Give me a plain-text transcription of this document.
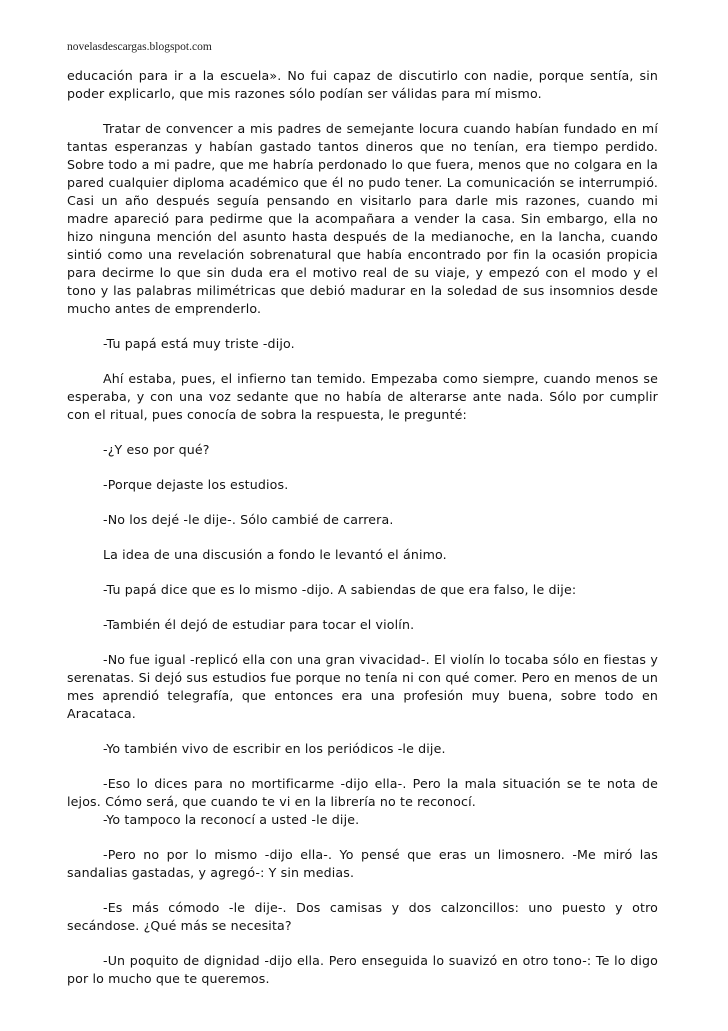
novelasdescargas.blogspot.com

educación para ir a la escuela». No fui capaz de discutirlo con nadie, porque sentía, sin poder explicarlo, que mis razones sólo podían ser válidas para mí mismo.

Tratar de convencer a mis padres de semejante locura cuando habían fundado en mí tantas esperanzas y habían gastado tantos dineros que no tenían, era tiempo perdido. Sobre todo a mi padre, que me habría perdonado lo que fuera, menos que no colgara en la pared cualquier diploma académico que él no pudo tener. La comunicación se interrumpió. Casi un año después seguía pensando en visitarlo para darle mis razones, cuando mi madre apareció para pedirme que la acompañara a vender la casa. Sin embargo, ella no hizo ninguna mención del asunto hasta después de la medianoche, en la lancha, cuando sintió como una revelación sobrenatural que había encontrado por fin la ocasión propicia para decirme lo que sin duda era el motivo real de su viaje, y empezó con el modo y el tono y las palabras milimétricas que debió madurar en la soledad de sus insomnios desde mucho antes de emprenderlo.

-Tu papá está muy triste -dijo.

Ahí estaba, pues, el infierno tan temido. Empezaba como siempre, cuando menos se esperaba, y con una voz sedante que no había de alterarse ante nada. Sólo por cumplir con el ritual, pues conocía de sobra la respuesta, le pregunté:

-¿Y eso por qué?

-Porque dejaste los estudios.

-No los dejé -le dije-. Sólo cambié de carrera.

La idea de una discusión a fondo le levantó el ánimo.

-Tu papá dice que es lo mismo -dijo. A sabiendas de que era falso, le dije:

-También él dejó de estudiar para tocar el violín.

-No fue igual -replicó ella con una gran vivacidad-. El violín lo tocaba sólo en fiestas y serenatas. Si dejó sus estudios fue porque no tenía ni con qué comer. Pero en menos de un mes aprendió telegrafía, que entonces era una profesión muy buena, sobre todo en Aracataca.

-Yo también vivo de escribir en los periódicos -le dije.

-Eso lo dices para no mortificarme -dijo ella-. Pero la mala situación se te nota de lejos. Cómo será, que cuando te vi en la librería no te reconocí.

-Yo tampoco la reconocí a usted -le dije.

-Pero no por lo mismo -dijo ella-. Yo pensé que eras un limosnero. -Me miró las sandalias gastadas, y agregó-: Y sin medias.

-Es más cómodo -le dije-. Dos camisas y dos calzoncillos: uno puesto y otro secándose. ¿Qué más se necesita?

-Un poquito de dignidad -dijo ella. Pero enseguida lo suavizó en otro tono-: Te lo digo por lo mucho que te queremos.
